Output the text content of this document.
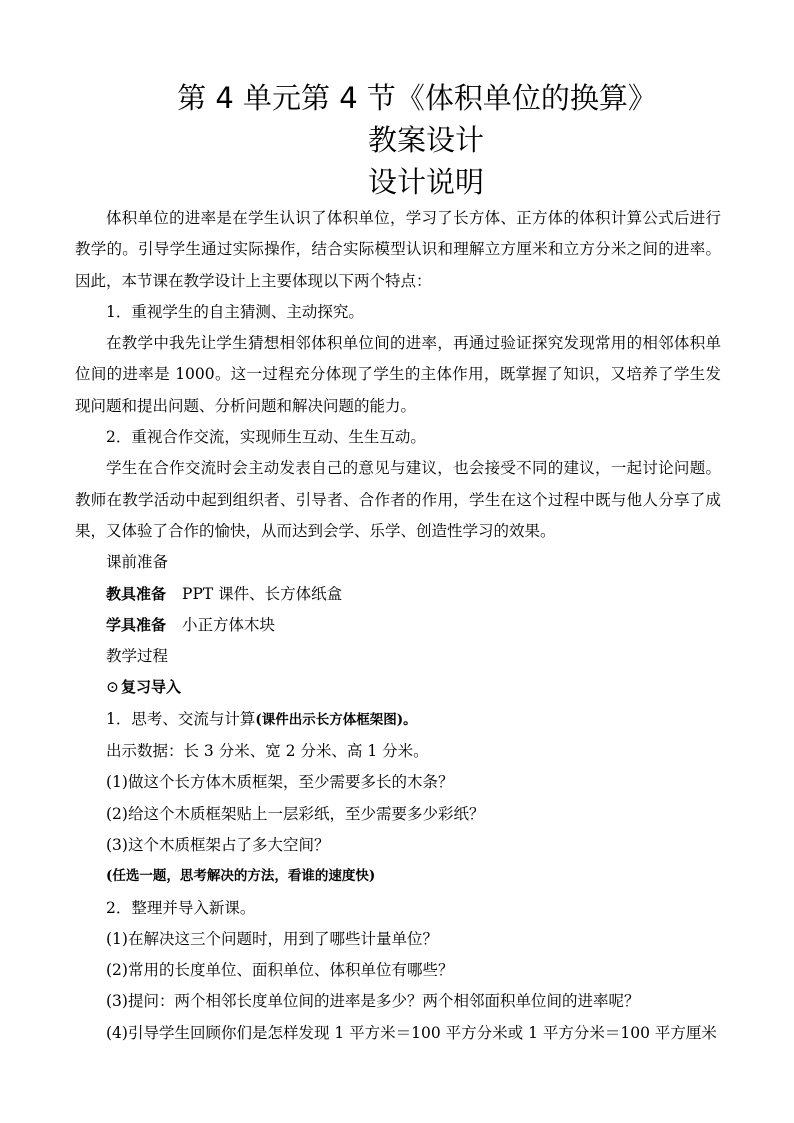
第 4 单元第 4 节《体积单位的换算》
教案设计
设计说明

体积单位的进率是在学生认识了体积单位，学习了长方体、正方体的体积计算公式后进行教学的。引导学生通过实际操作，结合实际模型认识和理解立方厘米和立方分米之间的进率。因此，本节课在教学设计上主要体现以下两个特点：

1．重视学生的自主猜测、主动探究。

在教学中我先让学生猜想相邻体积单位间的进率，再通过验证探究发现常用的相邻体积单位间的进率是 1000。这一过程充分体现了学生的主体作用，既掌握了知识，又培养了学生发现问题和提出问题、分析问题和解决问题的能力。

2．重视合作交流，实现师生互动、生生互动。

学生在合作交流时会主动发表自己的意见与建议，也会接受不同的建议，一起讨论问题。教师在教学活动中起到组织者、引导者、合作者的作用，学生在这个过程中既与他人分享了成果，又体验了合作的愉快，从而达到会学、乐学、创造性学习的效果。

课前准备

教具准备 PPT 课件、长方体纸盒

学具准备 小正方体木块

教学过程

⊙ 复习导入

1．思考、交流与计算(课件出示长方体框架图)。

出示数据：长 3 分米、宽 2 分米、高 1 分米。

(1)做这个长方体木质框架，至少需要多长的木条？

(2)给这个木质框架贴上一层彩纸，至少需要多少彩纸？

(3)这个木质框架占了多大空间？

(任选一题，思考解决的方法，看谁的速度快)

2．整理并导入新课。

(1)在解决这三个问题时，用到了哪些计量单位？

(2)常用的长度单位、面积单位、体积单位有哪些？

(3)提问：两个相邻长度单位间的进率是多少？两个相邻面积单位间的进率呢？

(4)引导学生回顾你们是怎样发现 1 平方米＝100 平方分米或 1 平方分米＝100 平方厘米
